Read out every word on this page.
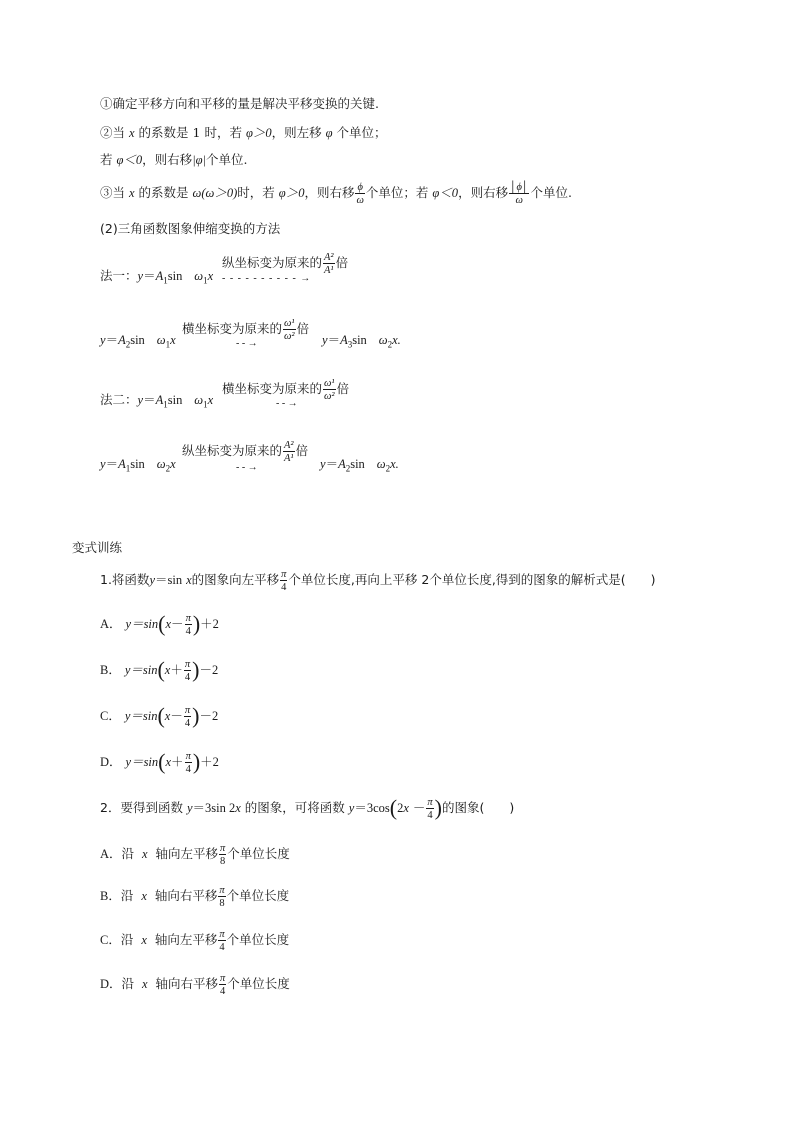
①确定平移方向和平移的量是解决平移变换的关键.
②当 x 的系数是 1 时，若 φ＞0，则左移 φ 个单位；
若 φ＜0，则右移|φ|个单位.
③当 x 的系数是 ω(ω＞0)时，若 φ＞0，则右移 $\frac{\phi}{\omega}$ 个单位；若 φ＜0，则右移 $\frac{│\phi│}{\omega}$ 个单位.
(2)三角函数图象伸缩变换的方法
法一：$y=A_1\sin$ $\omega_1x$
纵坐标变为原来的 $\frac{\text{A²}}{\text{A¹}}$ 倍
- - - - - - - - - - →
$y=A_2\sin$ $\omega_1x$
横坐标变为原来的 $\frac{\text{ω¹}}{\text{ω²}}$ 倍
- - →	$y=A_3\sin$ $\omega_2x$.
法二：$y=A_1\sin$ $\omega_1x$
横坐标变为原来的 $\frac{\text{ω¹}}{\text{ω²}}$ 倍
- - →
$y=A_1\sin$ $\omega_2x$
纵坐标变为原来的 $\frac{\text{A²}}{\text{A¹}}$ 倍
- - →	$y=A_2\sin$ $\omega_2x$.
变式训练
1.将函数y＝sin x的图象向左平移 $\frac{\pi}{4}$ 个单位长度,再向上平移 2个单位长度,得到的图象的解析式是(　　)
A． $y=\sin(x- \frac{\pi}{4} )+2$
B． $y=\sin(x+ \frac{\pi}{4} )-2$
C． $y=\sin(x- \frac{\pi}{4} )-2$
D． $y=\sin(x+ \frac{\pi}{4} )+2$
2．要得到函数 y＝3sin 2x 的图象，可将函数 $y=3\cos(2x - \frac{\pi}{4}$ )的图象(　　)
A．沿 x 轴向左平移 $\frac{\pi}{8}$ 个单位长度
B．沿 x 轴向右平移 $\frac{\pi}{8}$ 个单位长度
C．沿 x 轴向左平移 $\frac{\pi}{4}$ 个单位长度
D．沿 x 轴向右平移 $\frac{\pi}{4}$ 个单位长度
